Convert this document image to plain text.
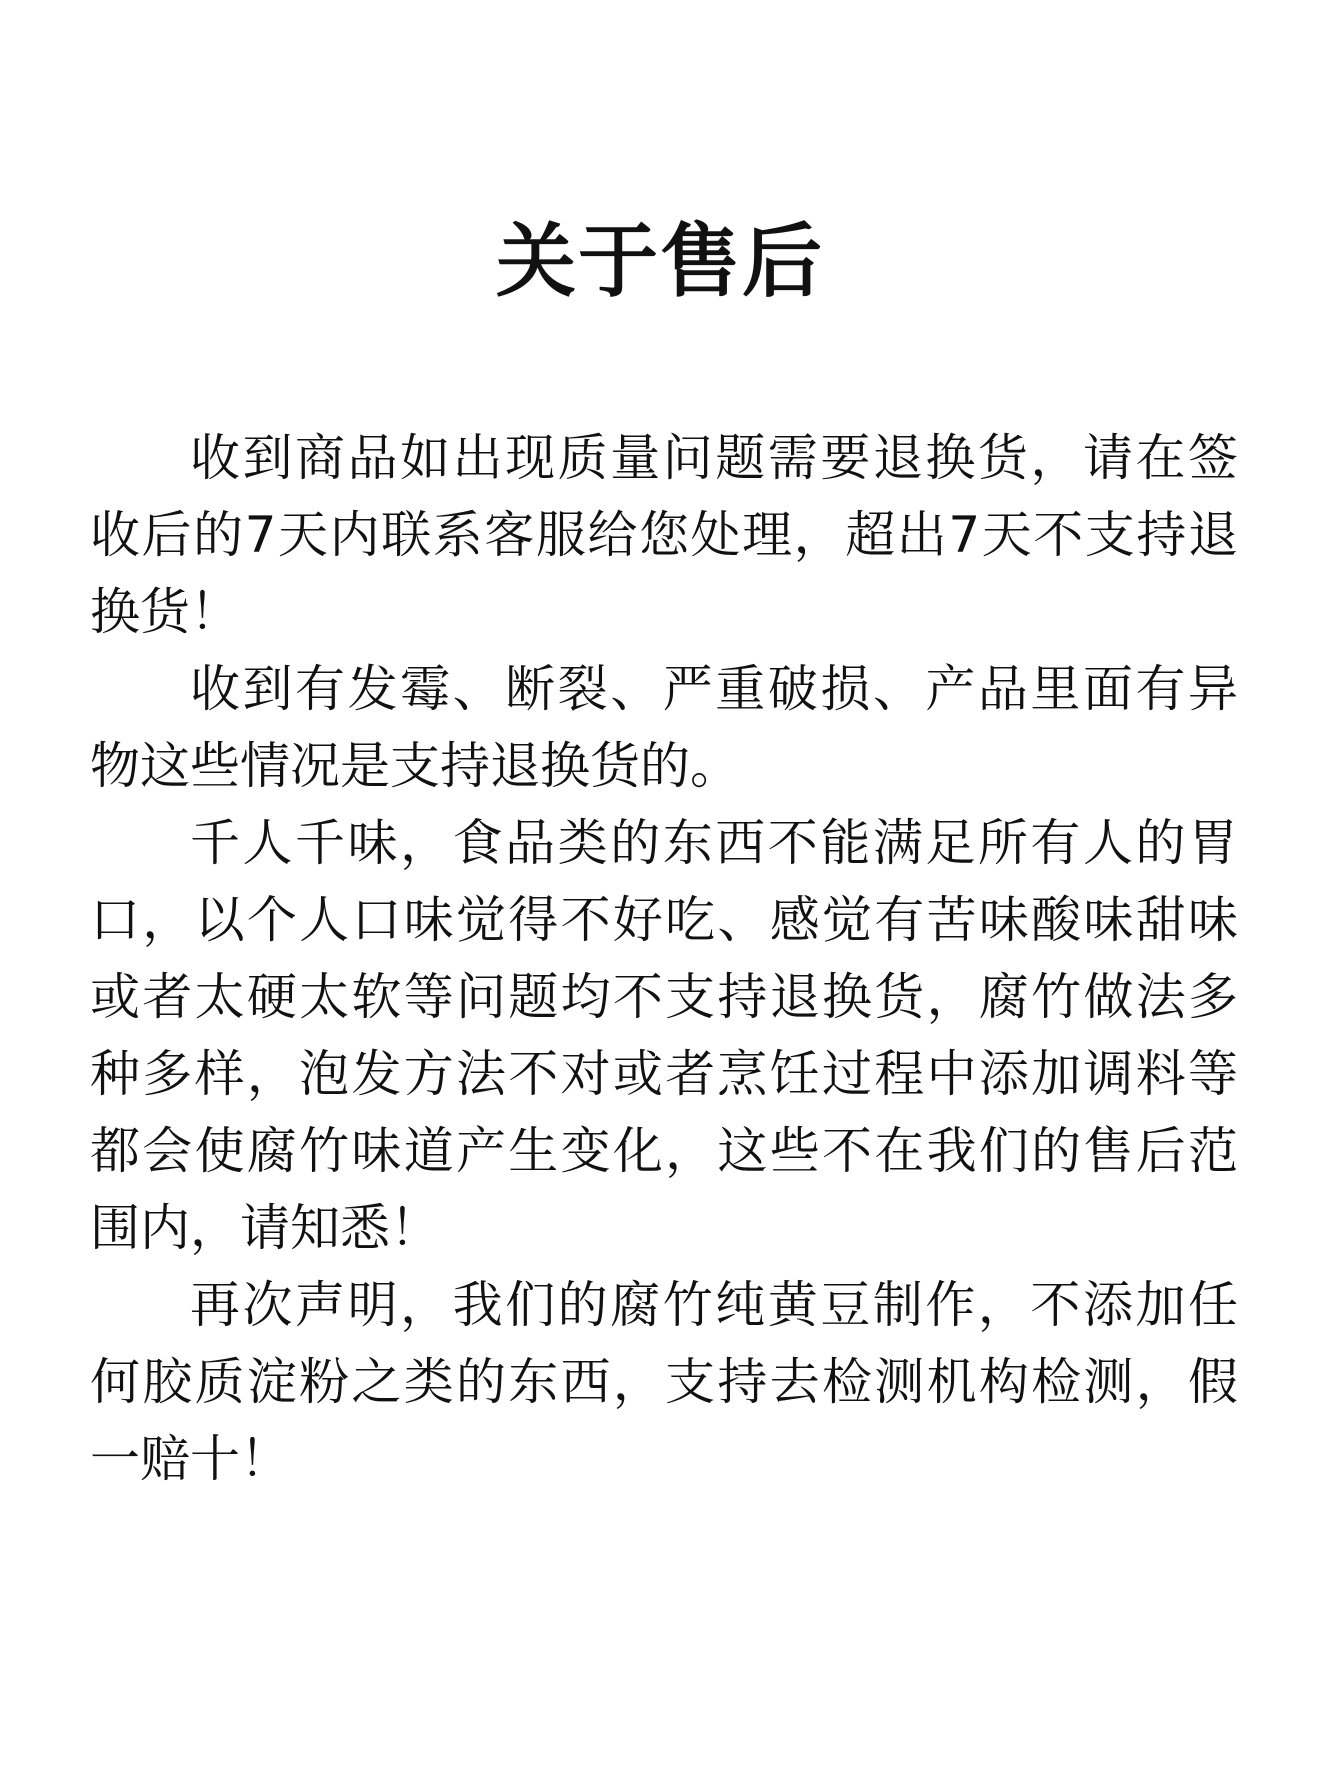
关于售后

收到商品如出现质量问题需要退换货，请在签收后的7天内联系客服给您处理，超出7天不支持退换货！

收到有发霉、断裂、严重破损、产品里面有异物这些情况是支持退换货的。

千人千味，食品类的东西不能满足所有人的胃口，以个人口味觉得不好吃、感觉有苦味酸味甜味或者太硬太软等问题均不支持退换货，腐竹做法多种多样，泡发方法不对或者烹饪过程中添加调料等都会使腐竹味道产生变化，这些不在我们的售后范围内，请知悉！

再次声明，我们的腐竹纯黄豆制作，不添加任何胶质淀粉之类的东西，支持去检测机构检测，假一赔十！
